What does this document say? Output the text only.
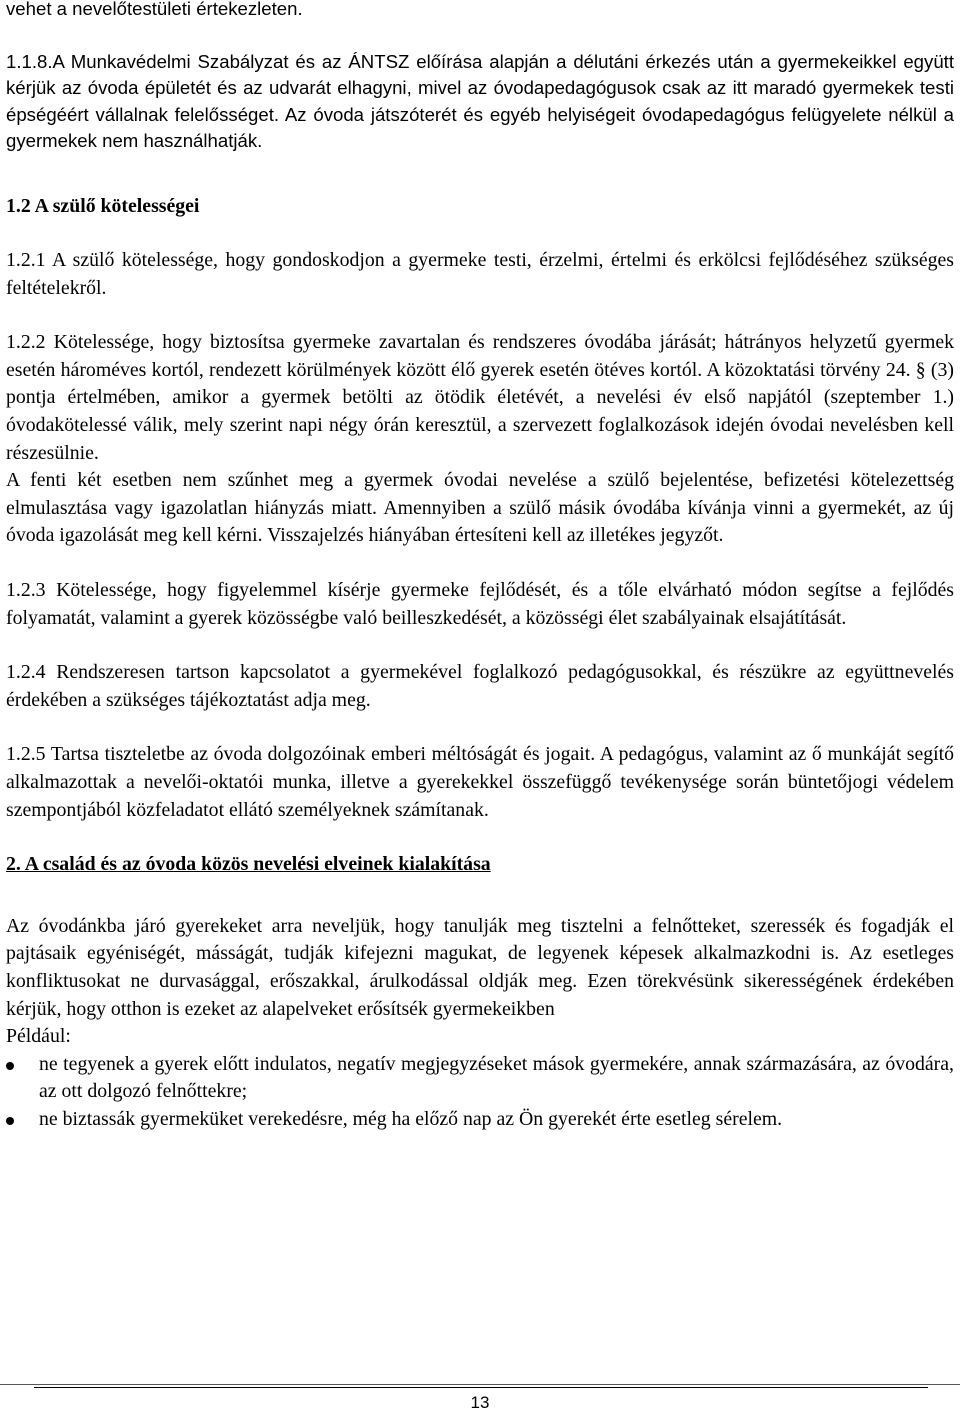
vehet a nevelőtestületi értekezleten.

1.1.8.A Munkavédelmi Szabályzat és az ÁNTSZ előírása alapján a délutáni érkezés után a gyermekeikkel együtt kérjük az óvoda épületét és az udvarát elhagyni, mivel az óvodapedagógusok csak az itt maradó gyermekek testi épségéért vállalnak felelősséget. Az óvoda játszóterét és egyéb helyiségeit óvodapedagógus felügyelete nélkül a gyermekek nem használhatják.

1.2 A szülő kötelességei

1.2.1 A szülő kötelessége, hogy gondoskodjon a gyermeke testi, érzelmi, értelmi és erkölcsi fejlődéséhez szükséges feltételekről.

1.2.2 Kötelessége, hogy biztosítsa gyermeke zavartalan és rendszeres óvodába járását; hátrányos helyzetű gyermek esetén hároméves kortól, rendezett körülmények között élő gyerek esetén ötéves kortól. A közoktatási törvény 24. § (3) pontja értelmében, amikor a gyermek betölti az ötödik életévét, a nevelési év első napjától (szeptember 1.) óvodakötelessé válik, mely szerint napi négy órán keresztül, a szervezett foglalkozások idején óvodai nevelésben kell részesülnie.

A fenti két esetben nem szűnhet meg a gyermek óvodai nevelése a szülő bejelentése, befizetési kötelezettség elmulasztása vagy igazolatlan hiányzás miatt. Amennyiben a szülő másik óvodába kívánja vinni a gyermekét, az új óvoda igazolását meg kell kérni. Visszajelzés hiányában értesíteni kell az illetékes jegyzőt.

1.2.3 Kötelessége, hogy figyelemmel kísérje gyermeke fejlődését, és a tőle elvárható módon segítse a fejlődés folyamatát, valamint a gyerek közösségbe való beilleszkedését, a közösségi élet szabályainak elsajátítását.

1.2.4 Rendszeresen tartson kapcsolatot a gyermekével foglalkozó pedagógusokkal, és részükre az együttnevelés érdekében a szükséges tájékoztatást adja meg.

1.2.5 Tartsa tiszteletbe az óvoda dolgozóinak emberi méltóságát és jogait. A pedagógus, valamint az ő munkáját segítő alkalmazottak a nevelői-oktatói munka, illetve a gyerekekkel összefüggő tevékenysége során büntetőjogi védelem szempontjából közfeladatot ellátó személyeknek számítanak.

2. A család és az óvoda közös nevelési elveinek kialakítása

Az óvodánkba járó gyerekeket arra neveljük, hogy tanulják meg tisztelni a felnőtteket, szeressék és fogadják el pajtásaik egyéniségét, másságát, tudják kifejezni magukat, de legyenek képesek alkalmazkodni is. Az esetleges konfliktusokat ne durvasággal, erőszakkal, árulkodással oldják meg. Ezen törekvésünk sikerességének érdekében kérjük, hogy otthon is ezeket az alapelveket erősítsék gyermekeikben

Például:
ne tegyenek a gyerek előtt indulatos, negatív megjegyzéseket mások gyermekére, annak származására, az óvodára, az ott dolgozó felnőttekre;
ne biztassák gyermeküket verekedésre, még ha előző nap az Ön gyerekét érte esetleg sérelem.
13
